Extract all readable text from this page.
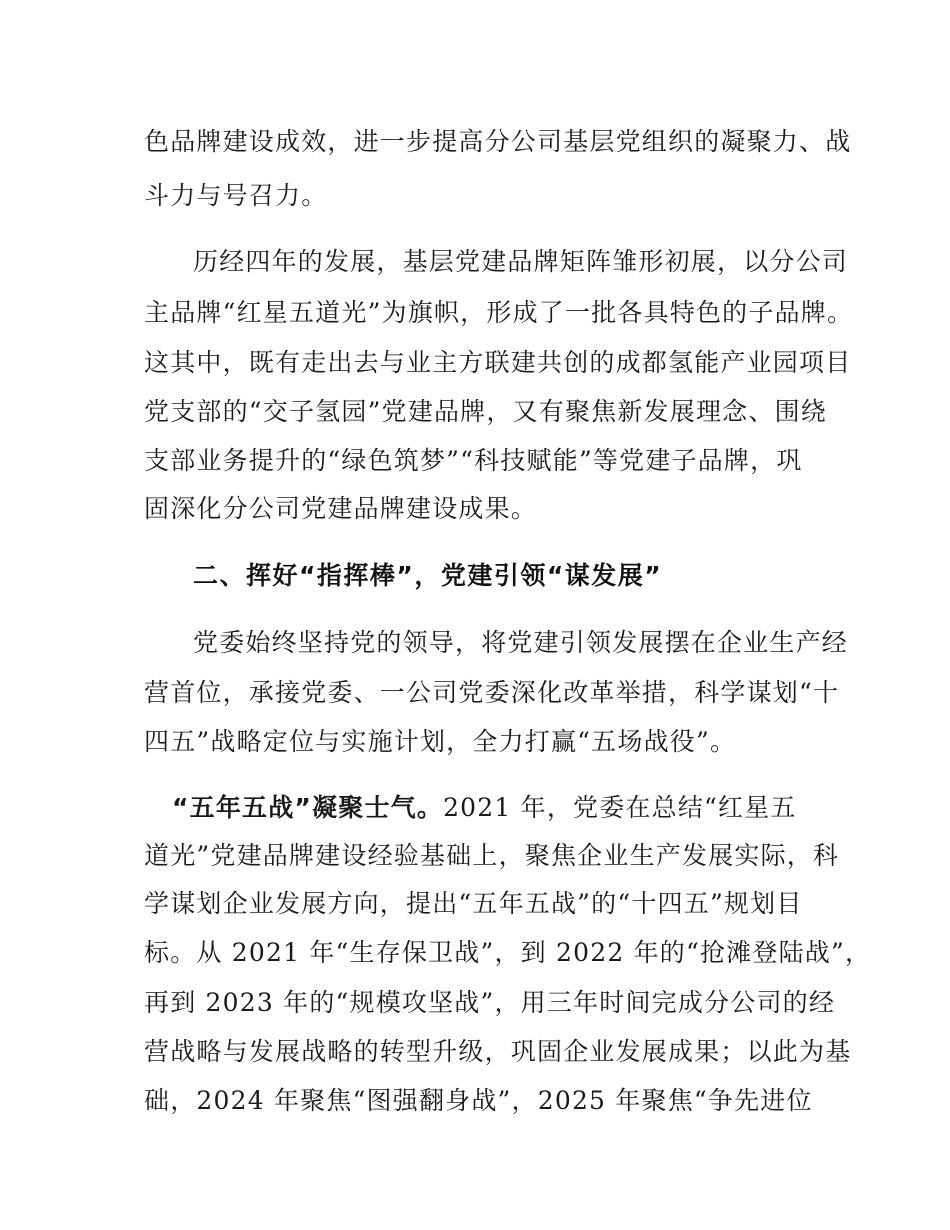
色品牌建设成效，进一步提高分公司基层党组织的凝聚力、战
斗力与号召力。
历经四年的发展，基层党建品牌矩阵雏形初展，以分公司
主品牌“红星五道光”为旗帜，形成了一批各具特色的子品牌。
这其中，既有走出去与业主方联建共创的成都氢能产业园项目
党支部的“交子氢园”党建品牌，又有聚焦新发展理念、围绕
支部业务提升的“绿色筑梦”“科技赋能”等党建子品牌，巩
固深化分公司党建品牌建设成果。
二、挥好“指挥棒”，党建引领“谋发展”
党委始终坚持党的领导，将党建引领发展摆在企业生产经
营首位，承接党委、一公司党委深化改革举措，科学谋划“十
四五”战略定位与实施计划，全力打赢“五场战役”。
“五年五战”凝聚士气。2021 年，党委在总结“红星五
道光”党建品牌建设经验基础上，聚焦企业生产发展实际，科
学谋划企业发展方向，提出“五年五战”的“十四五”规划目
标。从 2021 年“生存保卫战”，到 2022 年的“抢滩登陆战”，
再到 2023 年的“规模攻坚战”，用三年时间完成分公司的经
营战略与发展战略的转型升级，巩固企业发展成果；以此为基
础，2024 年聚焦“图强翻身战”，2025 年聚焦“争先进位
